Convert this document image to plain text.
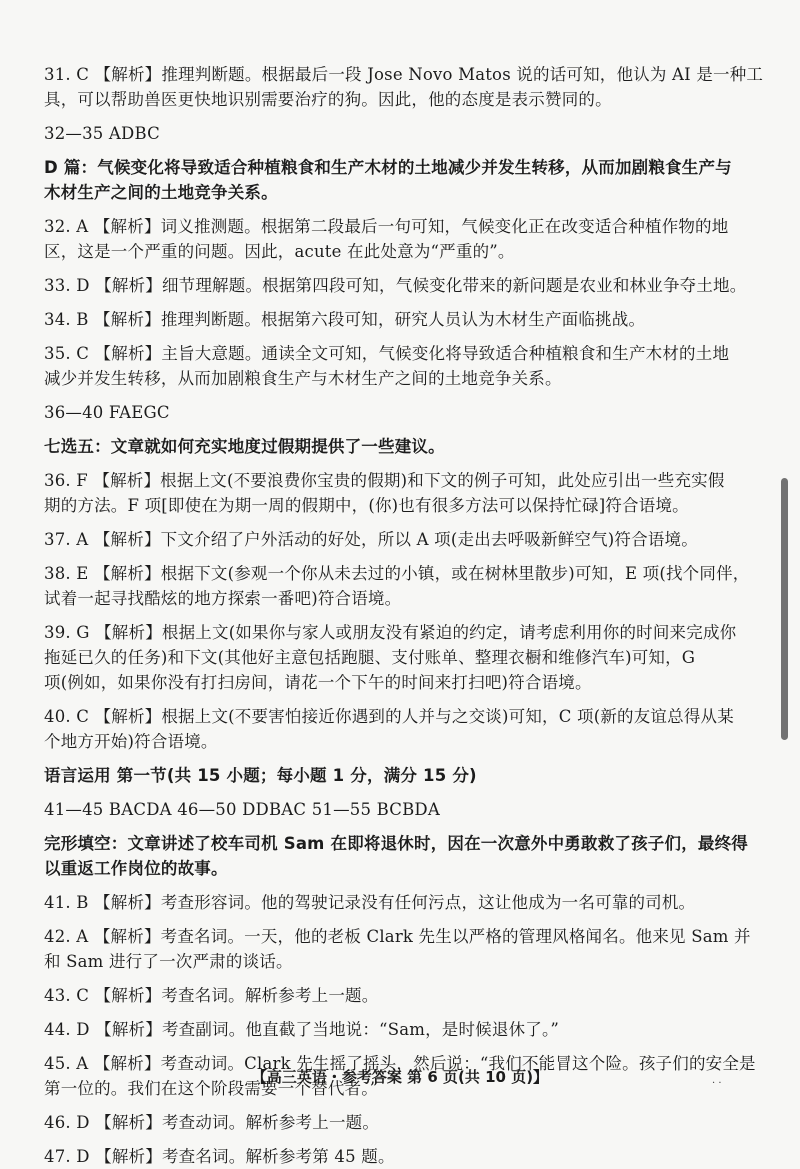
31. C 【解析】推理判断题。根据最后一段 Jose Novo Matos 说的话可知，他认为 AI 是一种工
具，可以帮助兽医更快地识别需要治疗的狗。因此，他的态度是表示赞同的。
32—35 ADBC
D 篇：气候变化将导致适合种植粮食和生产木材的土地减少并发生转移，从而加剧粮食生产与
木材生产之间的土地竞争关系。
32. A 【解析】词义推测题。根据第二段最后一句可知，气候变化正在改变适合种植作物的地
区，这是一个严重的问题。因此，acute 在此处意为“严重的”。
33. D 【解析】细节理解题。根据第四段可知，气候变化带来的新问题是农业和林业争夺土地。
34. B 【解析】推理判断题。根据第六段可知，研究人员认为木材生产面临挑战。
35. C 【解析】主旨大意题。通读全文可知，气候变化将导致适合种植粮食和生产木材的土地
减少并发生转移，从而加剧粮食生产与木材生产之间的土地竞争关系。
36—40 FAEGC
七选五：文章就如何充实地度过假期提供了一些建议。
36. F 【解析】根据上文(不要浪费你宝贵的假期)和下文的例子可知，此处应引出一些充实假
期的方法。F 项[即使在为期一周的假期中，(你)也有很多方法可以保持忙碌]符合语境。
37. A 【解析】下文介绍了户外活动的好处，所以 A 项(走出去呼吸新鲜空气)符合语境。
38. E 【解析】根据下文(参观一个你从未去过的小镇，或在树林里散步)可知，E 项(找个同伴，
试着一起寻找酷炫的地方探索一番吧)符合语境。
39. G 【解析】根据上文(如果你与家人或朋友没有紧迫的约定，请考虑利用你的时间来完成你
拖延已久的任务)和下文(其他好主意包括跑腿、支付账单、整理衣橱和维修汽车)可知，G
项(例如，如果你没有打扫房间，请花一个下午的时间来打扫吧)符合语境。
40. C 【解析】根据上文(不要害怕接近你遇到的人并与之交谈)可知，C 项(新的友谊总得从某
个地方开始)符合语境。
语言运用 第一节(共 15 小题；每小题 1 分，满分 15 分)
41—45 BACDA 46—50 DDBAC 51—55 BCBDA
完形填空：文章讲述了校车司机 Sam 在即将退休时，因在一次意外中勇敢救了孩子们，最终得
以重返工作岗位的故事。
41. B 【解析】考查形容词。他的驾驶记录没有任何污点，这让他成为一名可靠的司机。
42. A 【解析】考查名词。一天，他的老板 Clark 先生以严格的管理风格闻名。他来见 Sam 并
和 Sam 进行了一次严肃的谈话。
43. C 【解析】考查名词。解析参考上一题。
44. D 【解析】考查副词。他直截了当地说：“Sam，是时候退休了。”
45. A 【解析】考查动词。Clark 先生摇了摇头，然后说：“我们不能冒这个险。孩子们的安全是
第一位的。我们在这个阶段需要一个替代者。”
46. D 【解析】考查动词。解析参考上一题。
47. D 【解析】考查名词。解析参考第 45 题。
【高三英语・参考答案 第 6 页(共 10 页)】	· ·
